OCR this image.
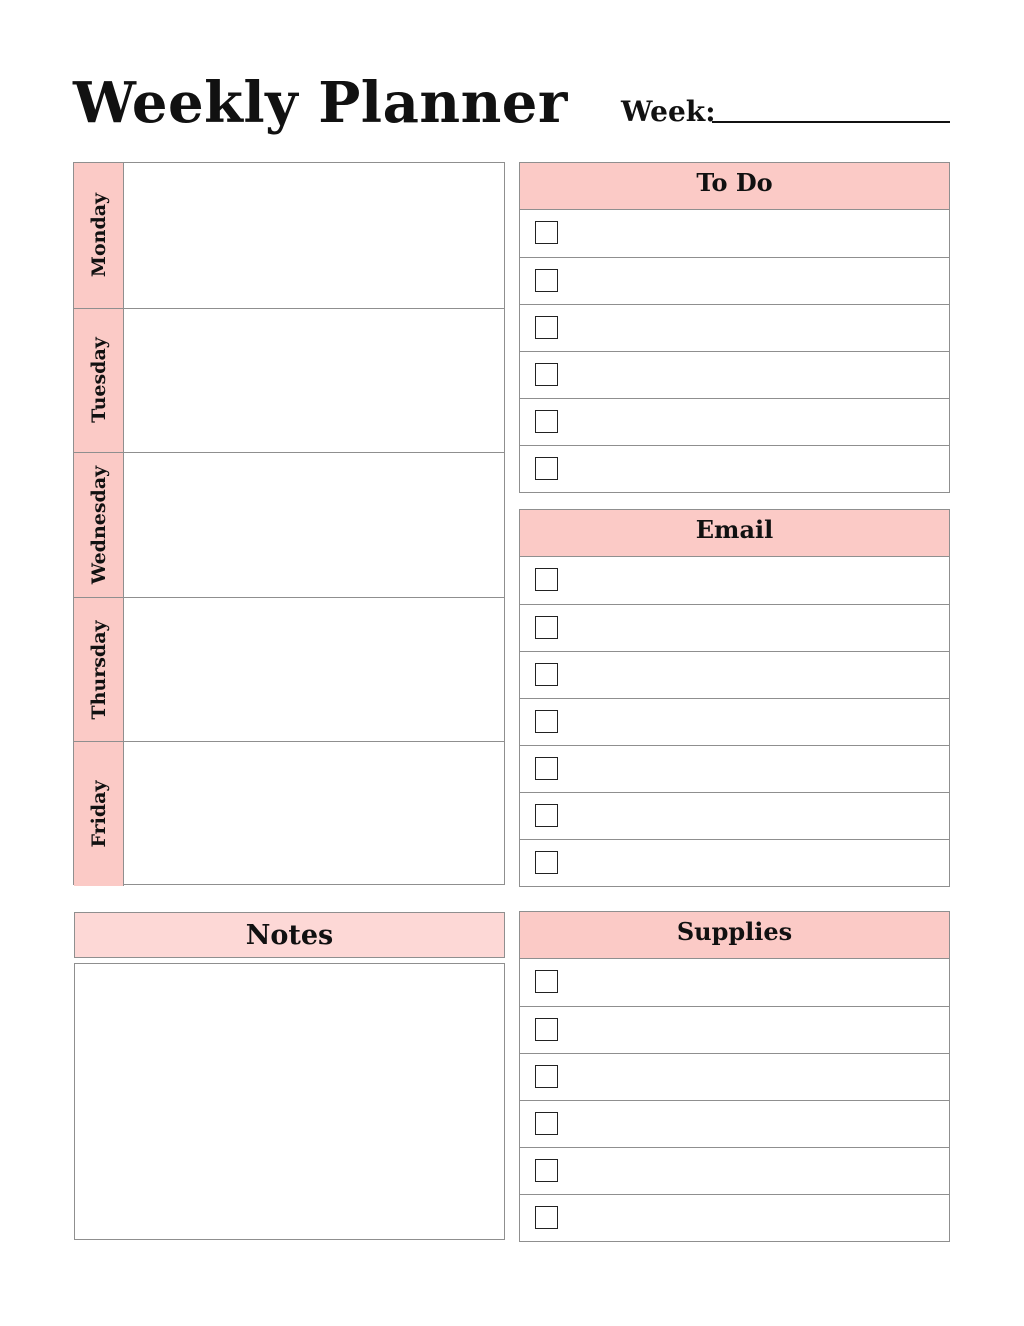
Weekly Planner Week:
Monday
Tuesday
Wednesday
Thursday
Friday
To Do
Email
Supplies
Notes
